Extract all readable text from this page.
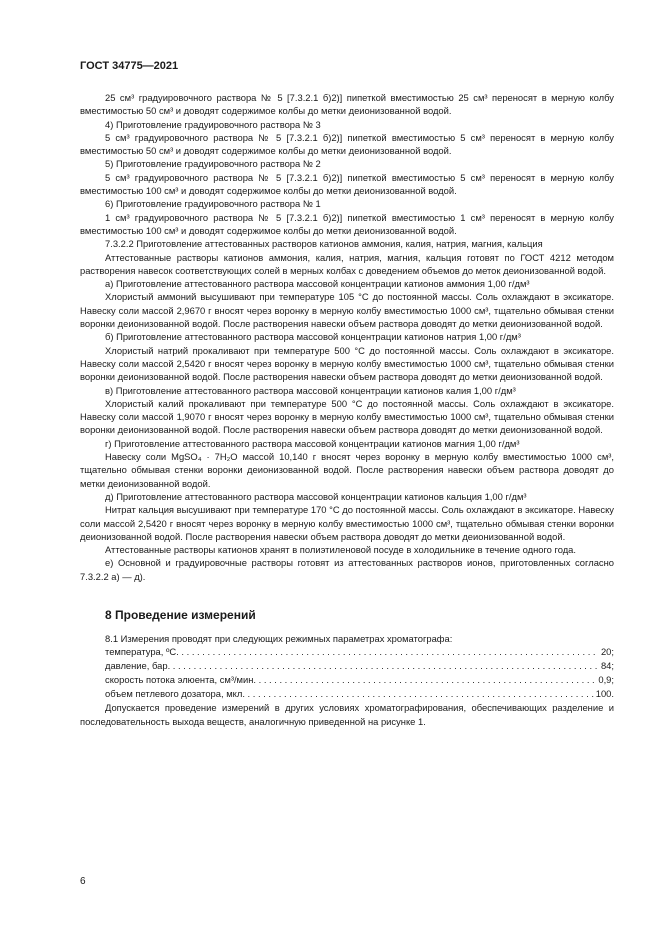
ГОСТ 34775—2021

25 см³ градуировочного раствора № 5 [7.3.2.1 б)2)] пипеткой вместимостью 25 см³ переносят в мерную колбу вместимостью 50 см³ и доводят содержимое колбы до метки деионизованной водой.

4) Приготовление градуировочного раствора № 3

5 см³ градуировочного раствора № 5 [7.3.2.1 б)2)] пипеткой вместимостью 5 см³ переносят в мерную колбу вместимостью 50 см³ и доводят содержимое колбы до метки деионизованной водой.

5) Приготовление градуировочного раствора № 2

5 см³ градуировочного раствора № 5 [7.3.2.1 б)2)] пипеткой вместимостью 5 см³ переносят в мерную колбу вместимостью 100 см³ и доводят содержимое колбы до метки деионизованной водой.

6) Приготовление градуировочного раствора № 1

1 см³ градуировочного раствора № 5 [7.3.2.1 б)2)] пипеткой вместимостью 1 см³ переносят в мерную колбу вместимостью 100 см³ и доводят содержимое колбы до метки деионизованной водой.

7.3.2.2 Приготовление аттестованных растворов катионов аммония, калия, натрия, магния, кальция

Аттестованные растворы катионов аммония, калия, натрия, магния, кальция готовят по ГОСТ 4212 методом растворения навесок соответствующих солей в мерных колбах с доведением объемов до меток деионизованной водой.

а) Приготовление аттестованного раствора массовой концентрации катионов аммония 1,00 г/дм³

Хлористый аммоний высушивают при температуре 105 °С до постоянной массы. Соль охлаждают в эксикаторе. Навеску соли массой 2,9670 г вносят через воронку в мерную колбу вместимостью 1000 см³, тщательно обмывая стенки воронки деионизованной водой. После растворения навески объем раствора доводят до метки деионизованной водой.

б) Приготовление аттестованного раствора массовой концентрации катионов натрия 1,00 г/дм³

Хлористый натрий прокаливают при температуре 500 °С до постоянной массы. Соль охлаждают в эксикаторе. Навеску соли массой 2,5420 г вносят через воронку в мерную колбу вместимостью 1000 см³, тщательно обмывая стенки воронки деионизованной водой. После растворения навески объем раствора доводят до метки деионизованной водой.

в) Приготовление аттестованного раствора массовой концентрации катионов калия 1,00 г/дм³

Хлористый калий прокаливают при температуре 500 °С до постоянной массы. Соль охлаждают в эксикаторе. Навеску соли массой 1,9070 г вносят через воронку в мерную колбу вместимостью 1000 см³, тщательно обмывая стенки воронки деионизованной водой. После растворения навески объем раствора доводят до метки деионизованной водой.

г) Приготовление аттестованного раствора массовой концентрации катионов магния 1,00 г/дм³

Навеску соли MgSO₄ · 7H₂O массой 10,140 г вносят через воронку в мерную колбу вместимостью 1000 см³, тщательно обмывая стенки воронки деионизованной водой. После растворения навески объем раствора доводят до метки деионизованной водой.

д) Приготовление аттестованного раствора массовой концентрации катионов кальция 1,00 г/дм³

Нитрат кальция высушивают при температуре 170 °С до постоянной массы. Соль охлаждают в эксикаторе. Навеску соли массой 2,5420 г вносят через воронку в мерную колбу вместимостью 1000 см³, тщательно обмывая стенки воронки деионизованной водой. После растворения навески объем раствора доводят до метки деионизованной водой.

Аттестованные растворы катионов хранят в полиэтиленовой посуде в холодильнике в течение одного года.

е) Основной и градуировочные растворы готовят из аттестованных растворов ионов, приготовленных согласно 7.3.2.2 а) — д).

8 Проведение измерений

8.1 Измерения проводят при следующих режимных параметрах хроматографа:

температура, ºС . . .	20;
давление, бар . . .	84;
скорость потока элюента, см³/мин . . .	0,9;
объем петлевого дозатора, мкл . . .	100.

Допускается проведение измерений в других условиях хроматографирования, обеспечивающих разделение и последовательность выхода веществ, аналогичную приведенной на рисунке 1.

6
